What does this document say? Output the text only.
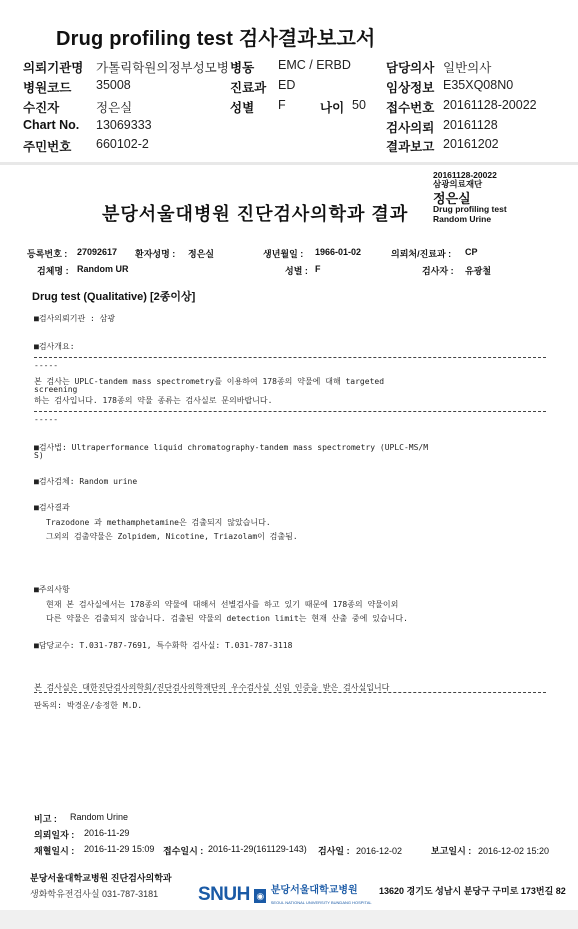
Drug profiling test 검사결과보고서
의뢰기관명 가톨릭학원의정부성모병 병동 EMC / ERBD	담당의사 일반의사
병원코드 35008	진료과 ED	임상정보 E35XQ08N0
수진자	정은실	성별 F	나이 50 접수번호 20161128-20022
Chart No. 13069333	검사의뢰 20161128
주민번호 660102-2	결과보고 20161202
20161128-20022
삼광의료재단
정은실
Drug profiling test
Random Urine
분당서울대병원 진단검사의학과 결과
등록번호 : 27092617 환자성명 : 정은실	생년월일 : 1966-01-02	의뢰처/진료과 : CP
검체명 : Random UR	성별 : F	검사자 : 유광철
Drug test (Qualitative) [2종이상]
■검사의뢰기관 : 삼광
■검사개요:
-----
본 검사는 UPLC-tandem mass spectrometry를 이용하여 178종의 약물에 대해 targeted
screening
하는 검사입니다. 178종의 약물 종류는 검사실로 문의바랍니다.
-----
■검사법: Ultraperformance liquid chromatography-tandem mass spectrometry (UPLC-MS/M
S)
■검사검체: Random urine
■검사결과
Trazodone 과 methamphetamine은 검출되지 않았습니다.
그외의 검출약물은 Zolpidem, Nicotine, Triazolam이 검출됨.
■주의사항
현재 본 검사실에서는 178종의 약물에 대해서 선별검사를 하고 있기 때문에 178종의 약물이외
다른 약물은 검출되지 않습니다. 검출된 약물의 detection limit는 현재 산출 중에 있습니다.
■담당교수: T.031-787-7691, 특수화학 검사실: T.031-787-3118
본 검사실은 대한진단검사의학회/진단검사의학재단의 우수검사실 신임 인증을 받은 검사실입니다
판독의: 박경운/송정한 M.D.
비고 : Random Urine
의뢰일자 : 2016-11-29
채혈일시 : 2016-11-29 15:09 접수일시 : 2016-11-29(161129-143) 검사일 : 2016-12-02	보고일시 : 2016-12-02 15:20
분당서울대학교병원 진단검사의학과
생화학유전검사실 031-787-3181 SNUH ◉ 분당서울대학교병원
SEOUL NATIONAL UNIVERSITY BUNDANG HOSPITAL
13620 경기도 성남시 분당구 구미로 173번길 82
